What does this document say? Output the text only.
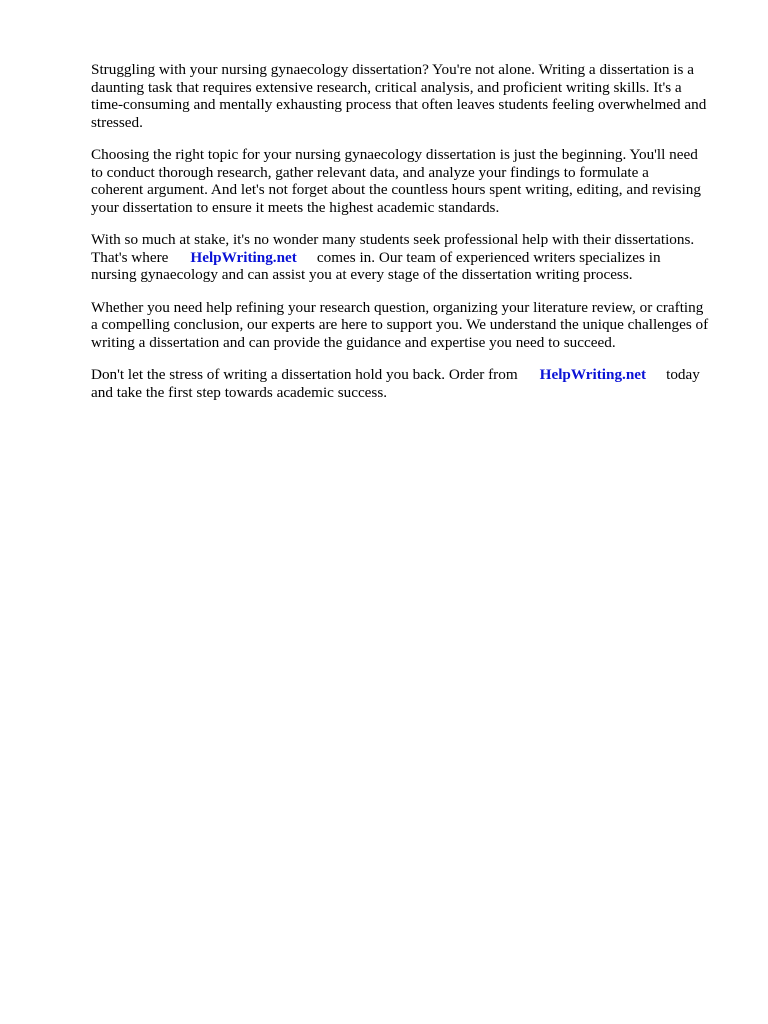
Struggling with your nursing gynaecology dissertation? You're not alone. Writing a dissertation is a
daunting task that requires extensive research, critical analysis, and proficient writing skills. It's a
time-consuming and mentally exhausting process that often leaves students feeling overwhelmed and
stressed.

Choosing the right topic for your nursing gynaecology dissertation is just the beginning. You'll need
to conduct thorough research, gather relevant data, and analyze your findings to formulate a
coherent argument. And let's not forget about the countless hours spent writing, editing, and revising
your dissertation to ensure it meets the highest academic standards.

With so much at stake, it's no wonder many students seek professional help with their dissertations.
That's where HelpWriting.net comes in. Our team of experienced writers specializes in
nursing gynaecology and can assist you at every stage of the dissertation writing process.

Whether you need help refining your research question, organizing your literature review, or crafting
a compelling conclusion, our experts are here to support you. We understand the unique challenges of
writing a dissertation and can provide the guidance and expertise you need to succeed.

Don't let the stress of writing a dissertation hold you back. Order from HelpWriting.net today
and take the first step towards academic success.
